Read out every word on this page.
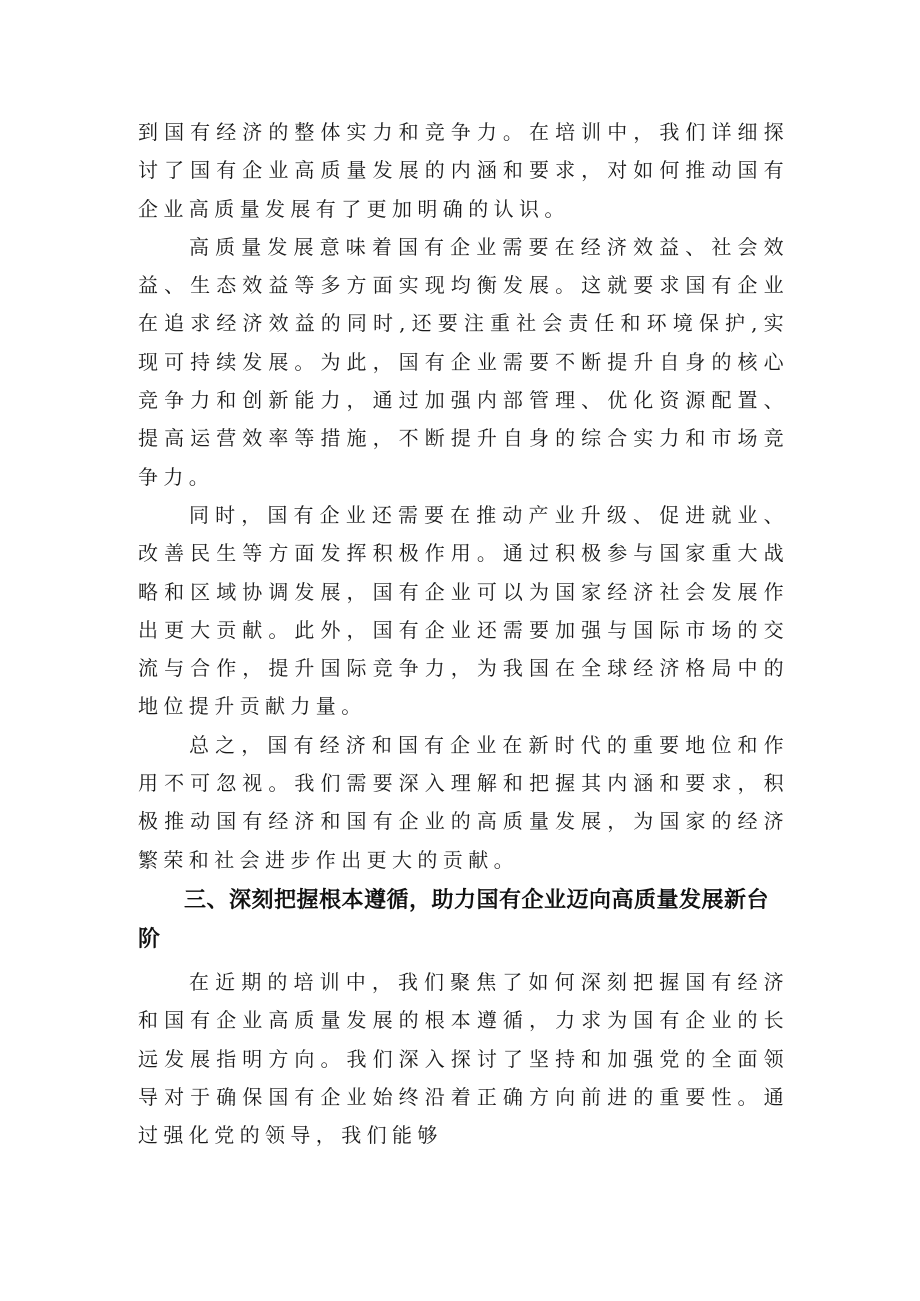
到国有经济的整体实力和竞争力。在培训中，我们详细探讨了国有企业高质量发展的内涵和要求，对如何推动国有企业高质量发展有了更加明确的认识。

高质量发展意味着国有企业需要在经济效益、社会效益、生态效益等多方面实现均衡发展。这就要求国有企业在追求经济效益的同时,还要注重社会责任和环境保护,实现可持续发展。为此，国有企业需要不断提升自身的核心竞争力和创新能力，通过加强内部管理、优化资源配置、提高运营效率等措施，不断提升自身的综合实力和市场竞争力。

同时，国有企业还需要在推动产业升级、促进就业、改善民生等方面发挥积极作用。通过积极参与国家重大战略和区域协调发展，国有企业可以为国家经济社会发展作出更大贡献。此外，国有企业还需要加强与国际市场的交流与合作，提升国际竞争力，为我国在全球经济格局中的地位提升贡献力量。

总之，国有经济和国有企业在新时代的重要地位和作用不可忽视。我们需要深入理解和把握其内涵和要求，积极推动国有经济和国有企业的高质量发展，为国家的经济繁荣和社会进步作出更大的贡献。

三、深刻把握根本遵循，助力国有企业迈向高质量发展新台阶

在近期的培训中，我们聚焦了如何深刻把握国有经济和国有企业高质量发展的根本遵循，力求为国有企业的长远发展指明方向。我们深入探讨了坚持和加强党的全面领导对于确保国有企业始终沿着正确方向前进的重要性。通过强化党的领导，我们能够
